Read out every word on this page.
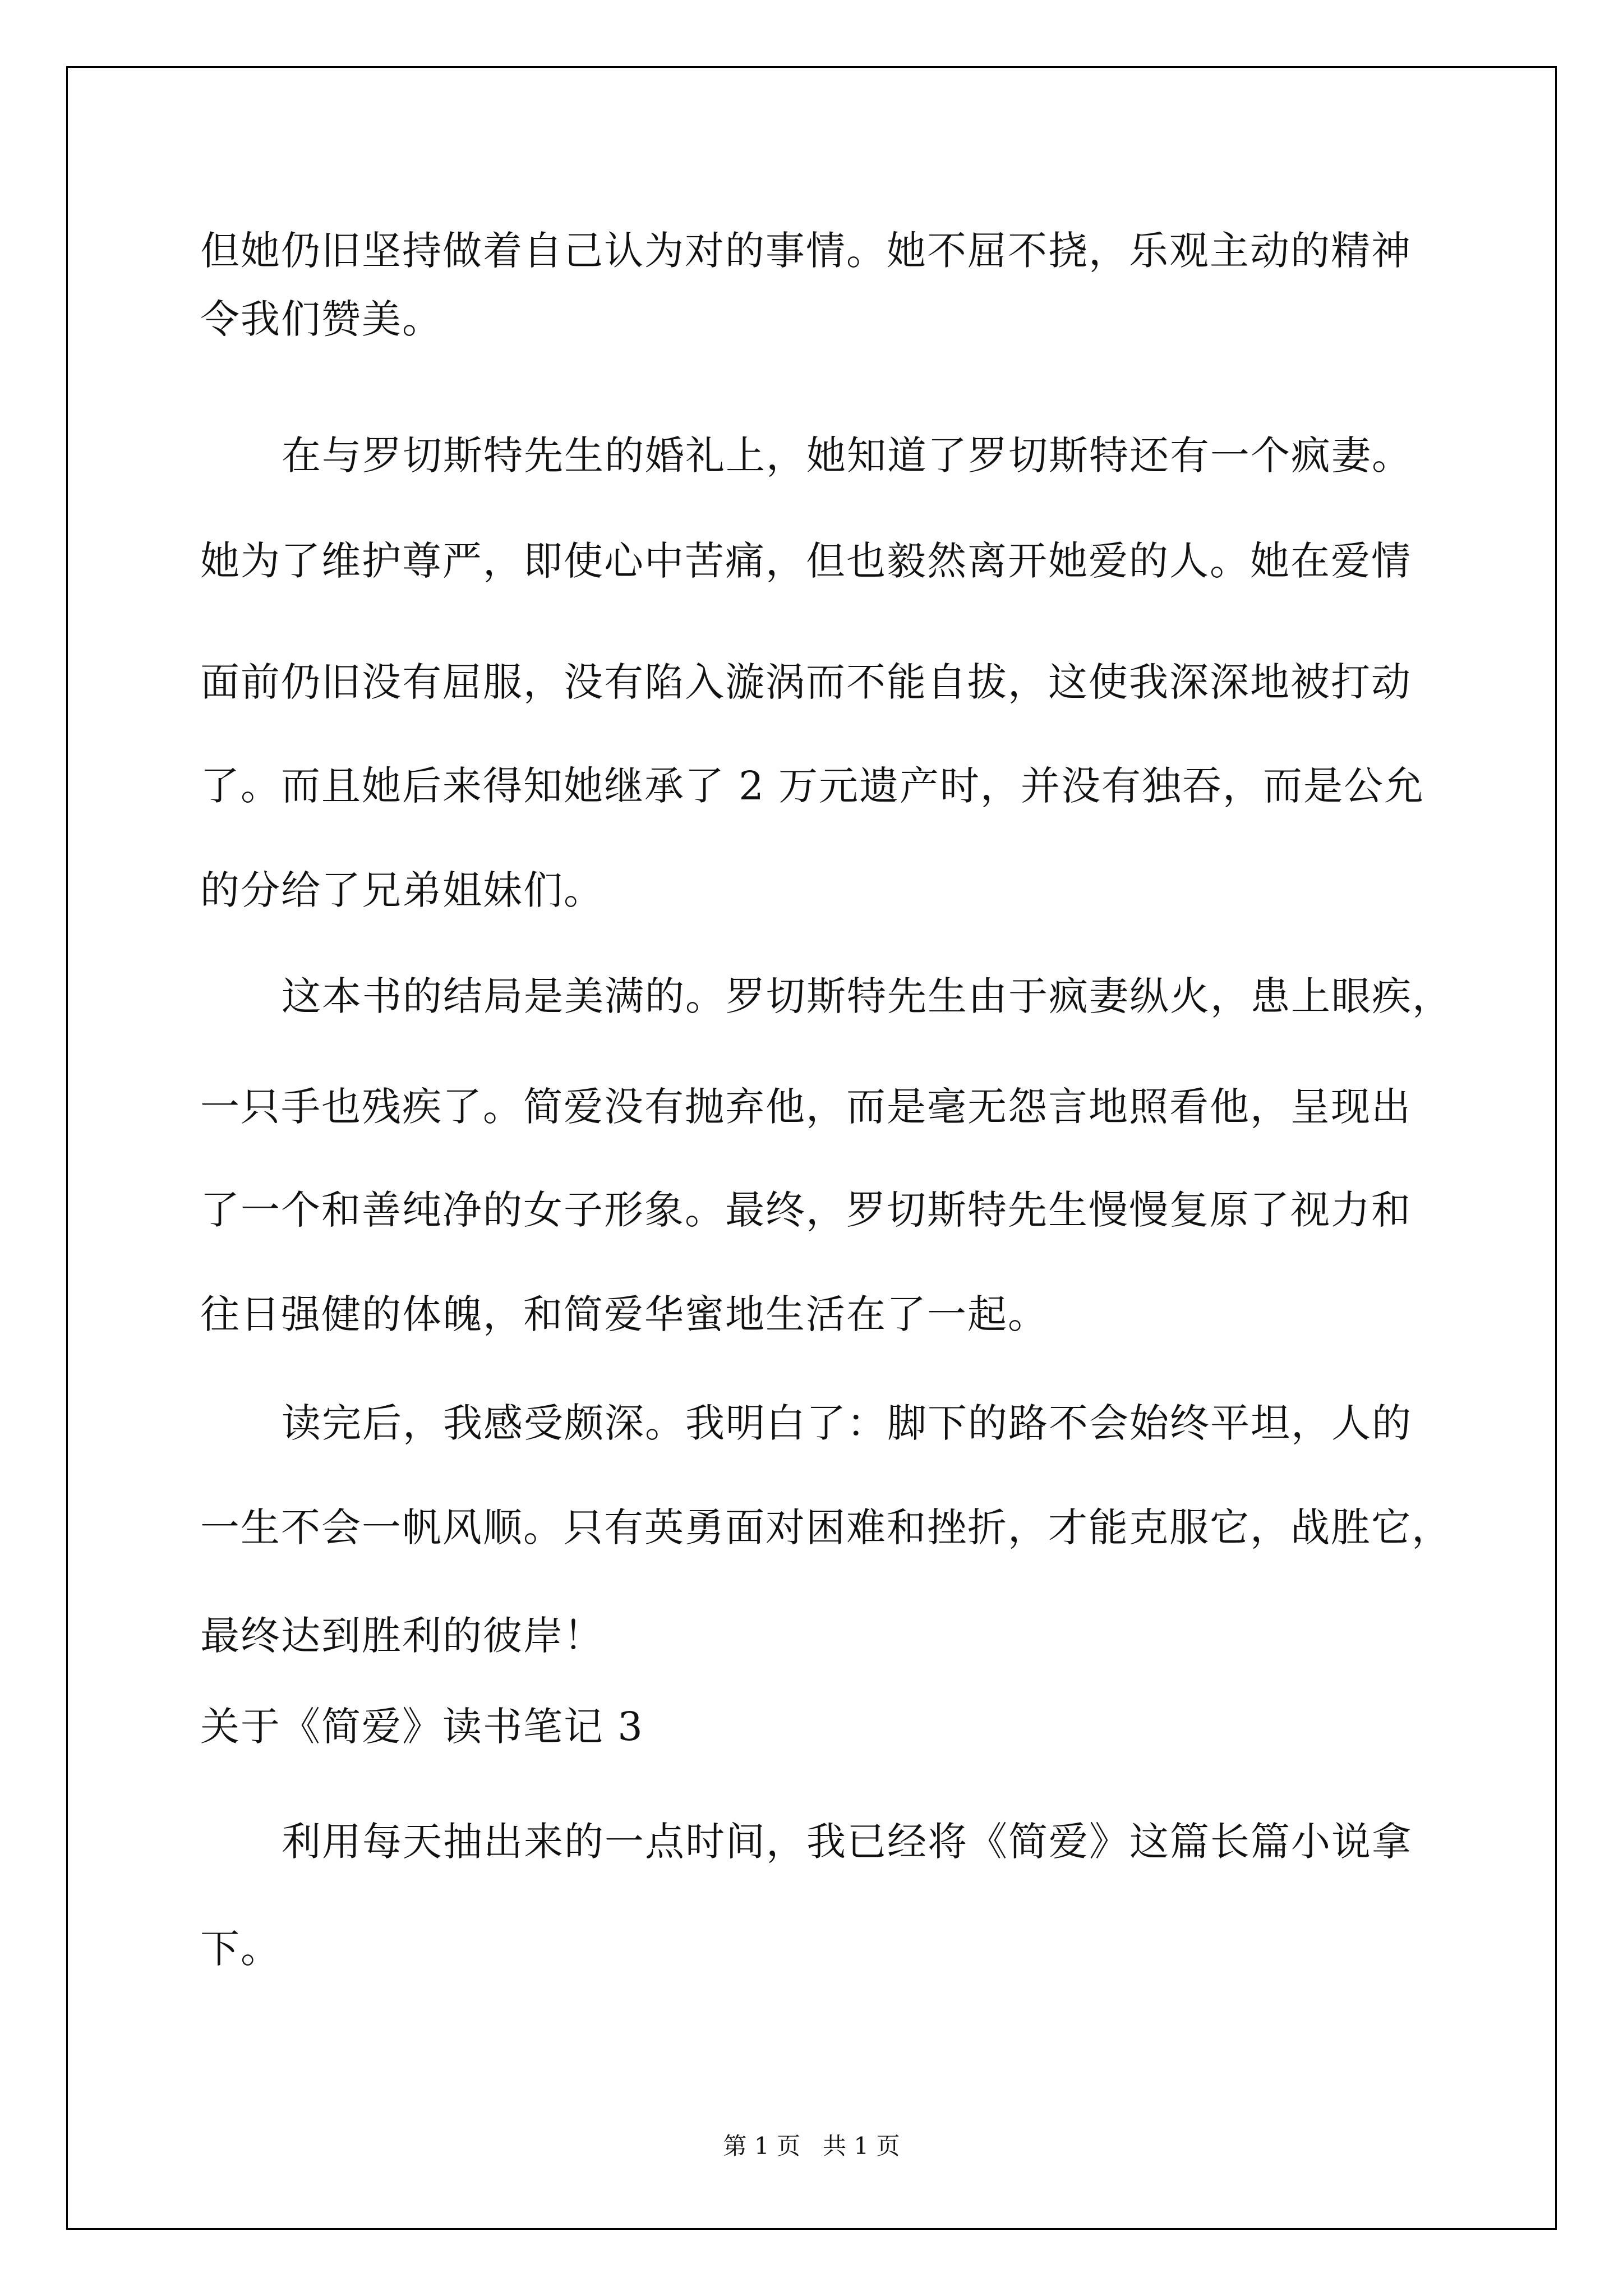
但她仍旧坚持做着自己认为对的事情。她不屈不挠，乐观主动的精神
令我们赞美。
在与罗切斯特先生的婚礼上，她知道了罗切斯特还有一个疯妻。
她为了维护尊严，即使心中苦痛，但也毅然离开她爱的人。她在爱情
面前仍旧没有屈服，没有陷入漩涡而不能自拔，这使我深深地被打动
了。而且她后来得知她继承了 2 万元遗产时，并没有独吞，而是公允
的分给了兄弟姐妹们。
这本书的结局是美满的。罗切斯特先生由于疯妻纵火，患上眼疾，
一只手也残疾了。简爱没有抛弃他，而是毫无怨言地照看他，呈现出
了一个和善纯净的女子形象。最终，罗切斯特先生慢慢复原了视力和
往日强健的体魄，和简爱华蜜地生活在了一起。
读完后，我感受颇深。我明白了：脚下的路不会始终平坦，人的
一生不会一帆风顺。只有英勇面对困难和挫折，才能克服它，战胜它，
最终达到胜利的彼岸！
关于《简爱》读书笔记 3
利用每天抽出来的一点时间，我已经将《简爱》这篇长篇小说拿
下。
第 1 页   共 1 页
